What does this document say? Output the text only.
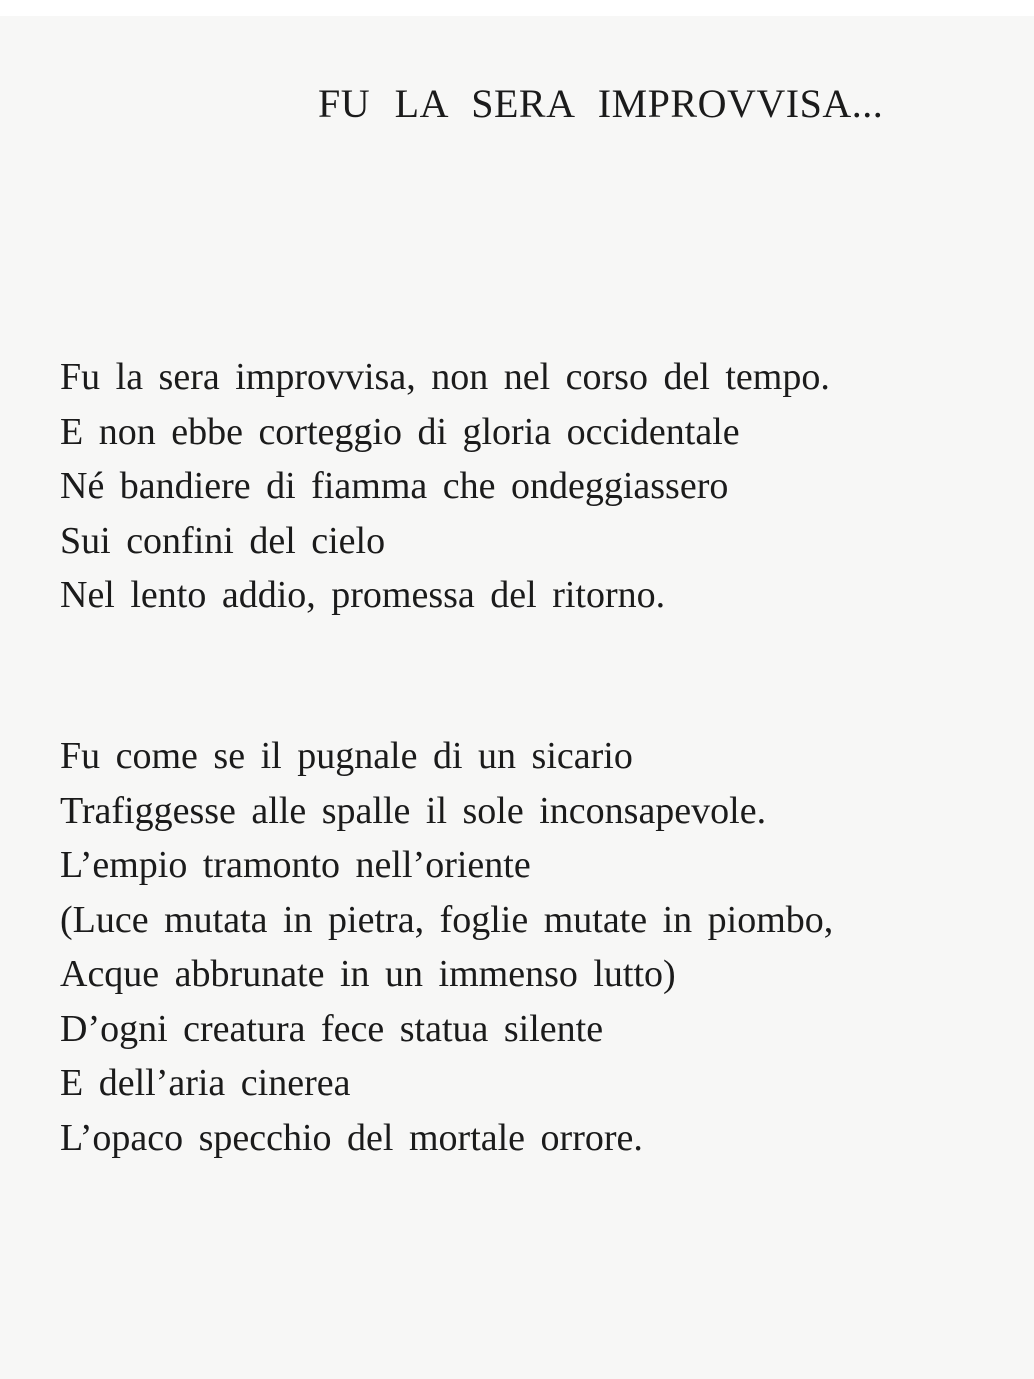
FU LA SERA IMPROVVISA...
Fu la sera improvvisa, non nel corso del tempo.
E non ebbe corteggio di gloria occidentale
Né bandiere di fiamma che ondeggiassero
Sui confini del cielo
Nel lento addio, promessa del ritorno.
Fu come se il pugnale di un sicario
Trafiggesse alle spalle il sole inconsapevole.
L’empio tramonto nell’oriente
(Luce mutata in pietra, foglie mutate in piombo,
Acque abbrunate in un immenso lutto)
D’ogni creatura fece statua silente
E dell’aria cinerea
L’opaco specchio del mortale orrore.
